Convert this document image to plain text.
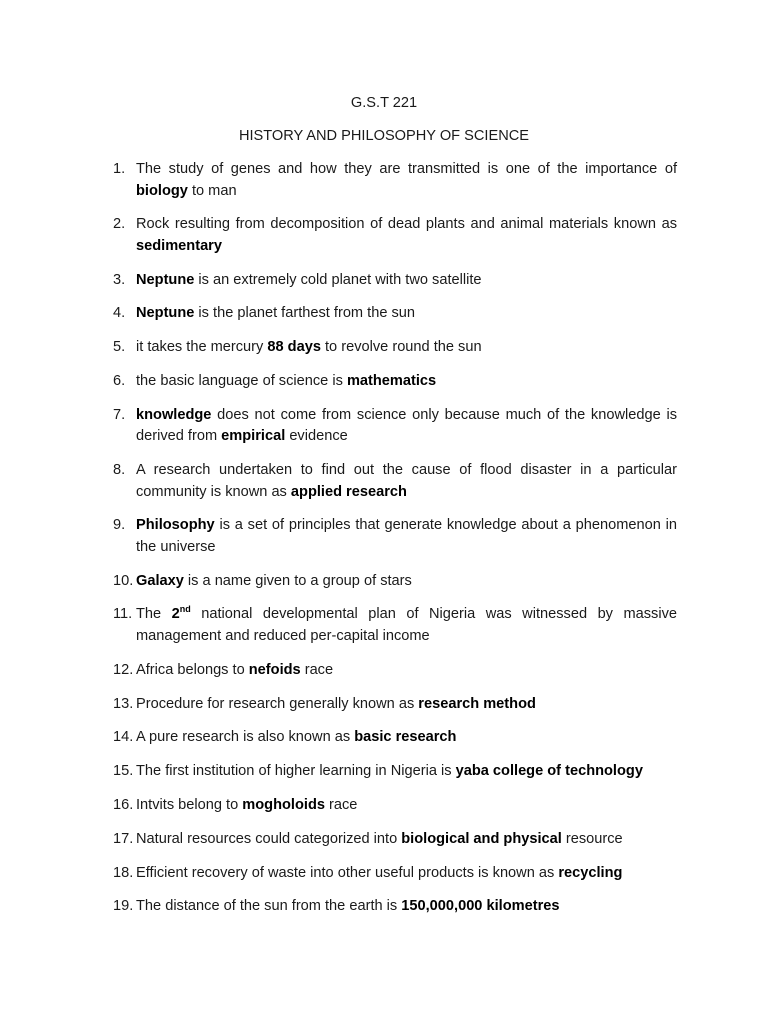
G.S.T 221
HISTORY AND PHILOSOPHY OF SCIENCE
1. The study of genes and how they are transmitted is one of the importance of biology to man
2. Rock resulting from decomposition of dead plants and animal materials known as sedimentary
3. Neptune is an extremely cold planet with two satellite
4. Neptune is the planet farthest from the sun
5. it takes the mercury 88 days to revolve round the sun
6. the basic language of science is mathematics
7. knowledge does not come from science only because much of the knowledge is derived from empirical evidence
8. A research undertaken to find out the cause of flood disaster in a particular community is known as applied research
9. Philosophy is a set of principles that generate knowledge about a phenomenon in the universe
10. Galaxy is a name given to a group of stars
11. The 2nd national developmental plan of Nigeria was witnessed by massive management and reduced per-capital income
12. Africa belongs to nefoids race
13. Procedure for research generally known as research method
14. A pure research is also known as basic research
15. The first institution of higher learning in Nigeria is yaba college of technology
16. Intvits belong to mogholoids race
17. Natural resources could categorized into biological and physical resource
18. Efficient recovery of waste into other useful products is known as recycling
19. The distance of the sun from the earth is 150,000,000 kilometres
